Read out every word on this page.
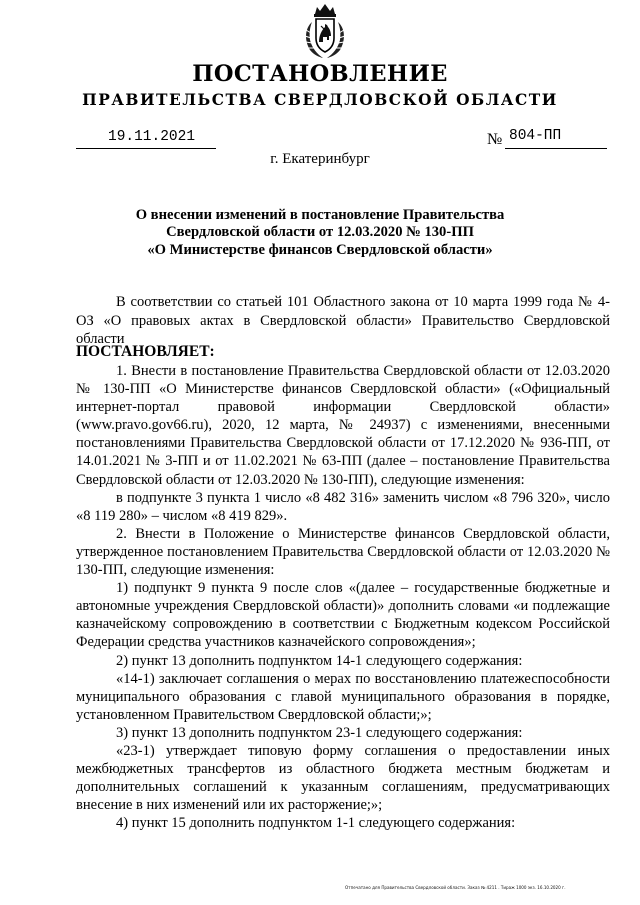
ПОСТАНОВЛЕНИЕ
ПРАВИТЕЛЬСТВА СВЕРДЛОВСКОЙ ОБЛАСТИ
19.11.2021	№ 804-ПП
г. Екатеринбург
О внесении изменений в постановление Правительства
Свердловской области от 12.03.2020 № 130-ПП
«О Министерстве финансов Свердловской области»

В соответствии со статьей 101 Областного закона от 10 марта 1999 года № 4-ОЗ «О правовых актах в Свердловской области» Правительство Свердловской области

ПОСТАНОВЛЯЕТ:

1. Внести в постановление Правительства Свердловской области от 12.03.2020 № 130-ПП «О Министерстве финансов Свердловской области» («Официальный интернет-портал правовой информации Свердловской области» (www.pravo.gov66.ru), 2020, 12 марта, № 24937) с изменениями, внесенными постановлениями Правительства Свердловской области от 17.12.2020 № 936-ПП, от 14.01.2021 № 3-ПП и от 11.02.2021 № 63-ПП (далее – постановление Правительства Свердловской области от 12.03.2020 № 130-ПП), следующие изменения:

в подпункте 3 пункта 1 число «8 482 316» заменить числом «8 796 320», число «8 119 280» – числом «8 419 829».

2. Внести в Положение о Министерстве финансов Свердловской области, утвержденное постановлением Правительства Свердловской области от 12.03.2020 № 130-ПП, следующие изменения:

1) подпункт 9 пункта 9 после слов «(далее – государственные бюджетные и автономные учреждения Свердловской области)» дополнить словами «и подлежащие казначейскому сопровождению в соответствии с Бюджетным кодексом Российской Федерации средства участников казначейского сопровождения»;

2) пункт 13 дополнить подпунктом 14-1 следующего содержания:

«14-1) заключает соглашения о мерах по восстановлению платежеспособности муниципального образования с главой муниципального образования в порядке, установленном Правительством Свердловской области;»;

3) пункт 13 дополнить подпунктом 23-1 следующего содержания:

«23-1) утверждает типовую форму соглашения о предоставлении иных межбюджетных трансфертов из областного бюджета местным бюджетам и дополнительных соглашений к указанным соглашениям, предусматривающих внесение в них изменений или их расторжение;»;

4) пункт 15 дополнить подпунктом 1-1 следующего содержания:

Отпечатано для Правительства Свердловской области. Заказ № 4211 . Тираж 1000 экз. 16.10.2020 г.
